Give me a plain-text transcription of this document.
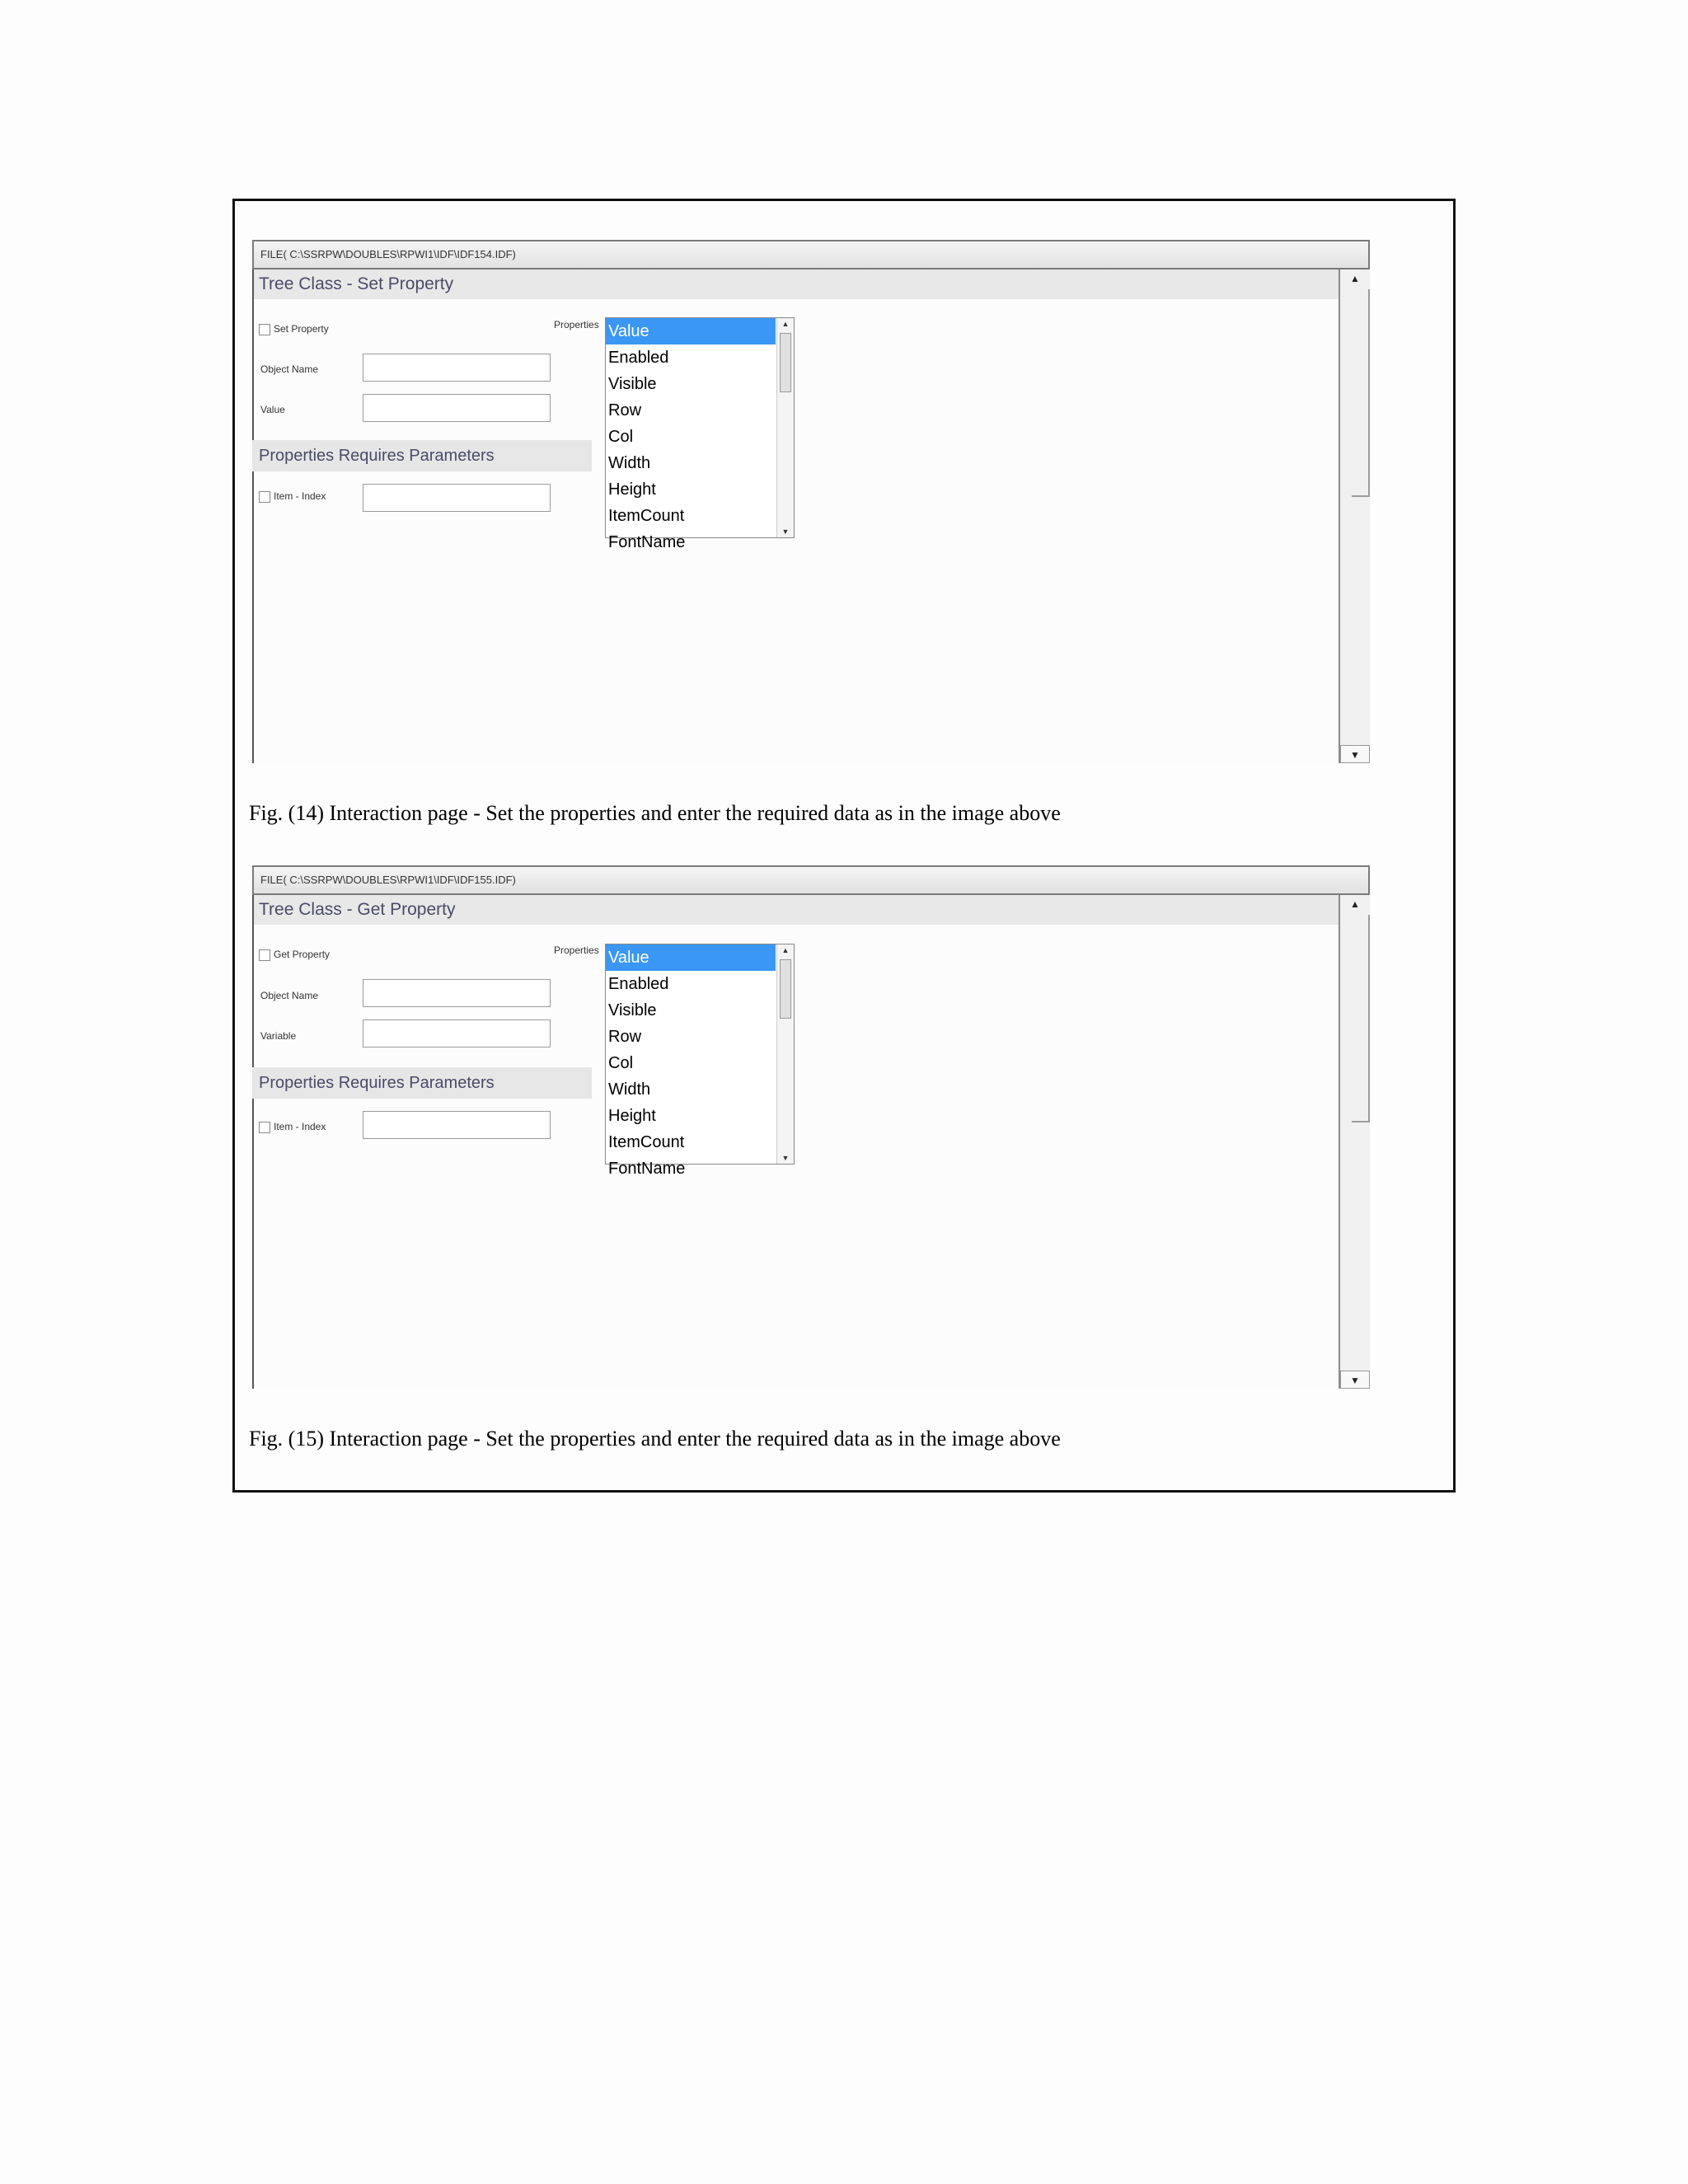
FILE( C:\SSRPW\DOUBLES\RPWI1\IDF\IDF154.IDF)
Tree Class - Set Property	▲
▼
Set Property	Properties
Object Name
Value
Properties Requires Parameters
Item - Index
Value
Enabled
Visible
Row
Col
Width
Height
ItemCount
FontName
▲
▼
Fig. (14) Interaction page - Set the properties and enter the required data as in the image above
FILE( C:\SSRPW\DOUBLES\RPWI1\IDF\IDF155.IDF)
Tree Class - Get Property	▲
▼
Get Property	Properties
Object Name
Variable
Properties Requires Parameters
Item - Index
Value
Enabled
Visible
Row
Col
Width
Height
ItemCount
FontName
▲
▼
Fig. (15) Interaction page - Set the properties and enter the required data as in the image above
